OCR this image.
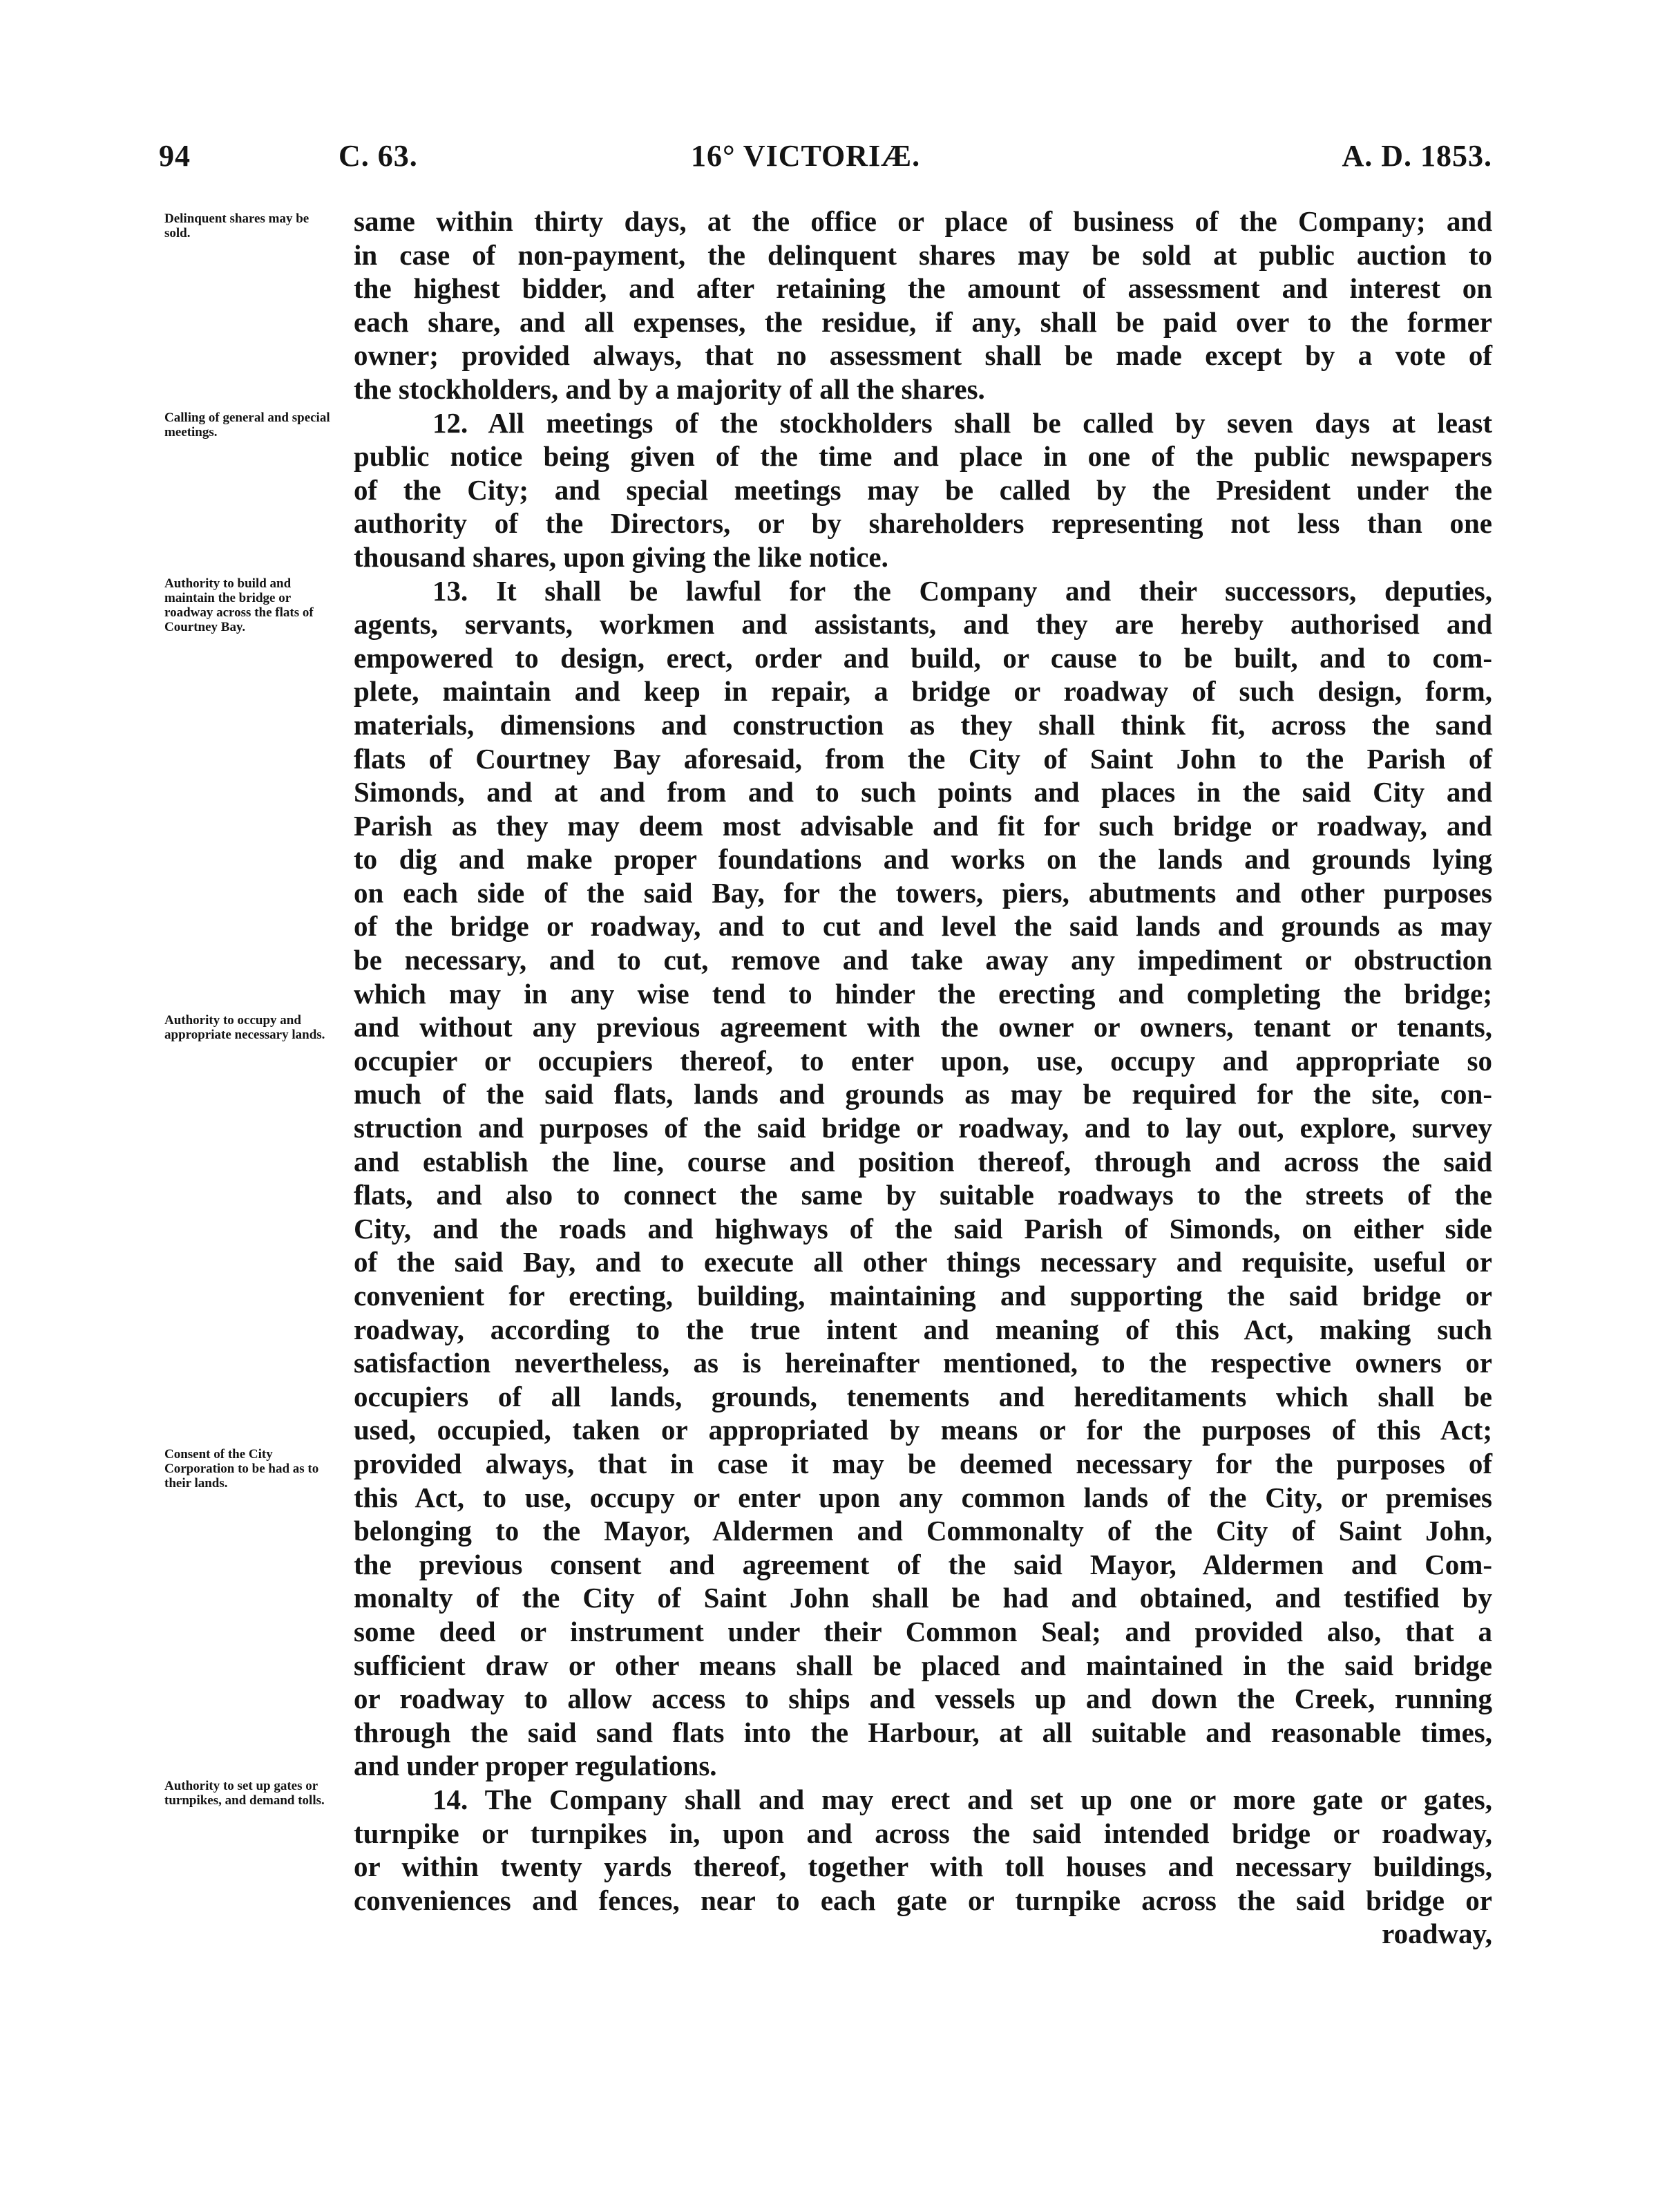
94	C. 63.	16° VICTORIÆ.	A. D. 1853.
Delinquent shares may be sold.
Calling of general and special meetings.
Authority to build and maintain the bridge or roadway across the flats of Courtney Bay.
Authority to occupy and appropriate necessary lands.
Consent of the City Corporation to be had as to their lands.
Authority to set up gates or turnpikes, and demand tolls.
same within thirty days, at the office or place of business of the Company; and
in case of non-payment, the delinquent shares may be sold at public auction to
the highest bidder, and after retaining the amount of assessment and interest on
each share, and all expenses, the residue, if any, shall be paid over to the former
owner; provided always, that no assessment shall be made except by a vote of
the stockholders, and by a majority of all the shares.
12. All meetings of the stockholders shall be called by seven days at least
public notice being given of the time and place in one of the public newspapers
of the City; and special meetings may be called by the President under the
authority of the Directors, or by shareholders representing not less than one
thousand shares, upon giving the like notice.
13. It shall be lawful for the Company and their successors, deputies,
agents, servants, workmen and assistants, and they are hereby authorised and
empowered to design, erect, order and build, or cause to be built, and to com-
plete, maintain and keep in repair, a bridge or roadway of such design, form,
materials, dimensions and construction as they shall think fit, across the sand
flats of Courtney Bay aforesaid, from the City of Saint John to the Parish of
Simonds, and at and from and to such points and places in the said City and
Parish as they may deem most advisable and fit for such bridge or roadway, and
to dig and make proper foundations and works on the lands and grounds lying
on each side of the said Bay, for the towers, piers, abutments and other purposes
of the bridge or roadway, and to cut and level the said lands and grounds as may
be necessary, and to cut, remove and take away any impediment or obstruction
which may in any wise tend to hinder the erecting and completing the bridge;
and without any previous agreement with the owner or owners, tenant or tenants,
occupier or occupiers thereof, to enter upon, use, occupy and appropriate so
much of the said flats, lands and grounds as may be required for the site, con-
struction and purposes of the said bridge or roadway, and to lay out, explore, survey
and establish the line, course and position thereof, through and across the said
flats, and also to connect the same by suitable roadways to the streets of the
City, and the roads and highways of the said Parish of Simonds, on either side
of the said Bay, and to execute all other things necessary and requisite, useful or
convenient for erecting, building, maintaining and supporting the said bridge or
roadway, according to the true intent and meaning of this Act, making such
satisfaction nevertheless, as is hereinafter mentioned, to the respective owners or
occupiers of all lands, grounds, tenements and hereditaments which shall be
used, occupied, taken or appropriated by means or for the purposes of this Act;
provided always, that in case it may be deemed necessary for the purposes of
this Act, to use, occupy or enter upon any common lands of the City, or premises
belonging to the Mayor, Aldermen and Commonalty of the City of Saint John,
the previous consent and agreement of the said Mayor, Aldermen and Com-
monalty of the City of Saint John shall be had and obtained, and testified by
some deed or instrument under their Common Seal; and provided also, that a
sufficient draw or other means shall be placed and maintained in the said bridge
or roadway to allow access to ships and vessels up and down the Creek, running
through the said sand flats into the Harbour, at all suitable and reasonable times,
and under proper regulations.
14. The Company shall and may erect and set up one or more gate or gates,
turnpike or turnpikes in, upon and across the said intended bridge or roadway,
or within twenty yards thereof, together with toll houses and necessary buildings,
conveniences and fences, near to each gate or turnpike across the said bridge or
roadway,
